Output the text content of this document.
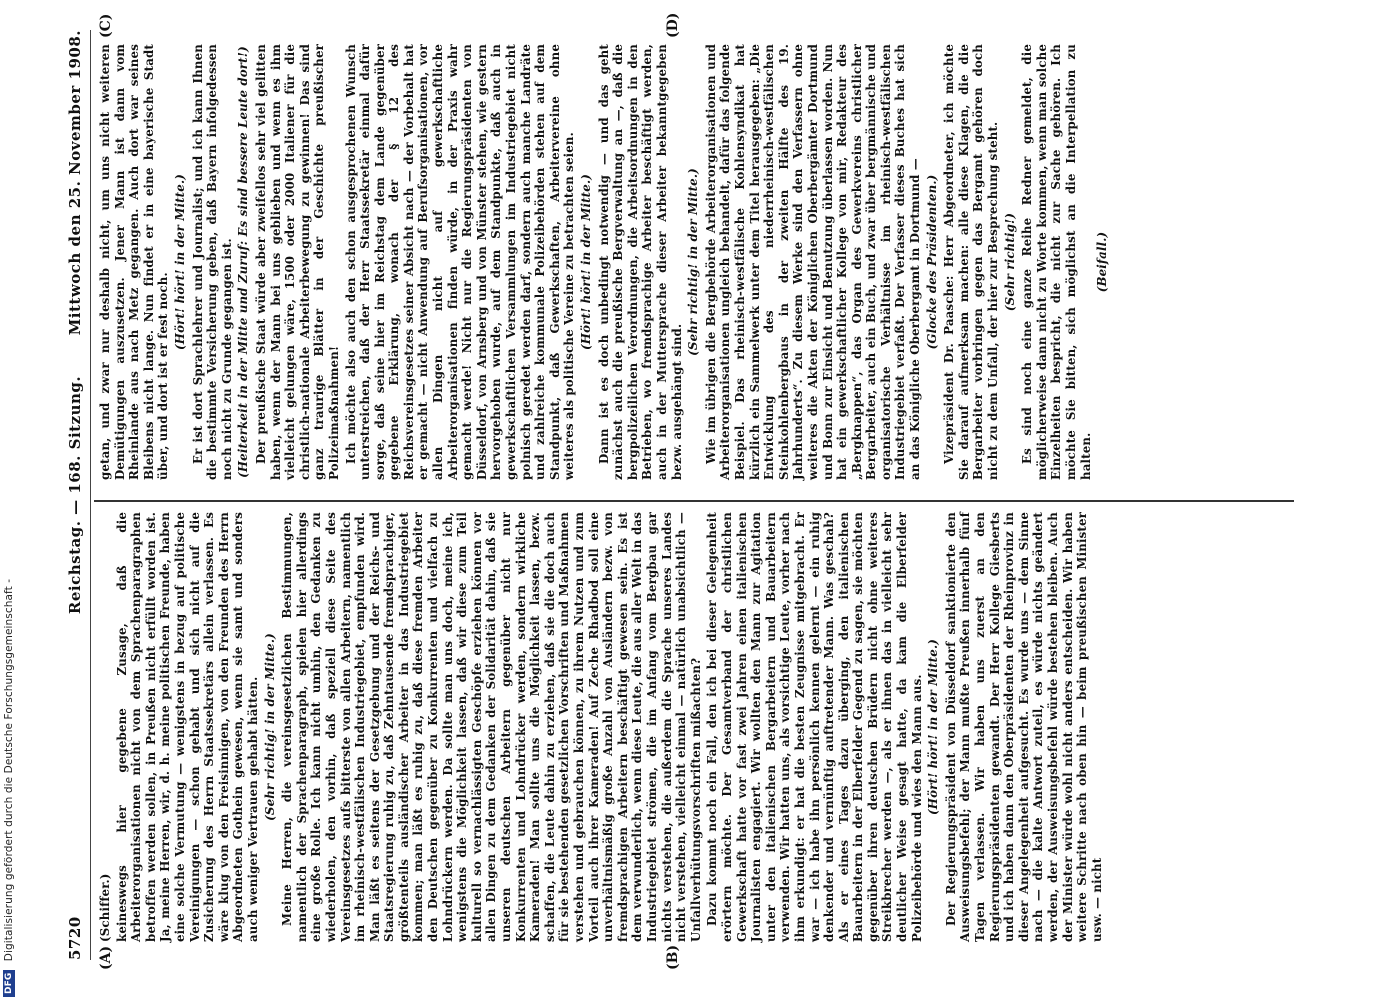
DFG Digitalisierung gefördert durch die Deutsche Forschungsgemeinschaft -	5720
Reichstag. — 168. Sitzung.
Mittwoch den 25. November 1908.
(A)	(B)
(C)	(D)

(Schiffer.) keineswegs hier gegebene Zusage, daß die Arbeiterorganisationen nicht von dem Sprachenparagraphen betroffen werden sollen, in Preußen nicht erfüllt worden ist. Ja, meine Herren, wir, d. h. meine politischen Freunde, haben eine solche Vermutung — wenigstens in bezug auf politische Vereinigungen — schon gehabt und sich nicht auf die Zusicherung des Herrn Staatssekretärs allein verlassen. Es wäre klug von den Freisinnigen, von den Freunden des Herrn Abgeordneten Gothein gewesen, wenn sie samt und sonders auch weniger Vertrauen gehabt hätten. (Sehr richtig! in der Mitte.) Meine Herren, die vereinsgesetzlichen Bestimmungen, namentlich der Sprachenparagraph, spielen hier allerdings eine große Rolle. Ich kann nicht umhin, den Gedanken zu wiederholen, den vorhin, daß speziell diese Seite des Vereinsgesetzes aufs bitterste von allen Arbeitern, namentlich im rheinisch-westfälischen Industriegebiet, empfunden wird. Man läßt es seitens der Gesetzgebung und der Reichs- und Staatsregierung ruhig zu, daß Zehntausende fremdsprachiger, größtenteils ausländischer Arbeiter in das Industriegebiet kommen; man läßt es ruhig zu, daß diese fremden Arbeiter den Deutschen gegenüber zu Konkurrenten und vielfach zu Lohndrückern werden. Da sollte man uns doch, meine ich, wenigstens die Möglichkeit lassen, daß wir diese zum Teil kulturell so vernachlässigten Geschöpfe erziehen können vor allen Dingen zu dem Gedanken der Solidarität dahin, daß sie unseren deutschen Arbeitern gegenüber nicht nur Konkurrenten und Lohndrücker werden, sondern wirkliche Kameraden! Man sollte uns die Möglichkeit lassen, bezw. schaffen, die Leute dahin zu erziehen, daß sie die doch auch für sie bestehenden gesetzlichen Vorschriften und Maßnahmen verstehen und gebrauchen können, zu ihrem Nutzen und zum Vorteil auch ihrer Kameraden! Auf Zeche Rhadbod soll eine unverhältnismäßig große Anzahl von Ausländern bezw. von fremdsprachigen Arbeitern beschäftigt gewesen sein. Es ist dem verwunderlich, wenn diese Leute, die aus aller Welt in das Industriegebiet strömen, die im Anfang vom Bergbau gar nichts verstehen, die außerdem die Sprache unseres Landes nicht verstehen, vielleicht einmal — natürlich unabsichtlich — Unfallverhütungsvorschriften mißachten? Dazu kommt noch ein Fall, den ich bei dieser Gelegenheit erörtern möchte. Der Gesamtverband der christlichen Gewerkschaft hatte vor fast zwei Jahren einen italienischen Journalisten engagiert. Wir wollten den Mann zur Agitation unter den italienischen Bergarbeitern und Bauarbeitern verwenden. Wir hatten uns, als vorsichtige Leute, vorher nach ihm erkundigt: er hat die besten Zeugnisse mitgebracht. Er war — ich habe ihn persönlich kennen gelernt — ein ruhig denkender und vernünftig auftretender Mann. Was geschah? Als er eines Tages dazu überging, den italienischen Bauarbeitern in der Elberfelder Gegend zu sagen, sie möchten gegenüber ihren deutschen Brüdern nicht ohne weiteres Streikbrecher werden —, als er ihnen das in vielleicht sehr deutlicher Weise gesagt hatte, da kam die Elberfelder Polizeibehörde und wies den Mann aus. (Hört! hört! in der Mitte.) Der Regierungspräsident von Düsseldorf sanktionierte den Ausweisungsbefehl; der Mann mußte Preußen innerhalb fünf Tagen verlassen. Wir haben uns zuerst an den Regierungspräsidenten gewandt. Der Herr Kollege Giesberts und ich haben dann den Oberpräsidenten der Rheinprovinz in dieser Angelegenheit aufgesucht. Es wurde uns — dem Sinne nach — die kalte Antwort zuteil, es würde nichts geändert werden, der Ausweisungsbefehl würde bestehen bleiben. Auch der Minister würde wohl nicht anders entscheiden. Wir haben weitere Schritte nach oben hin — beim preußischen Minister usw. — nicht

getan, und zwar nur deshalb nicht, um uns nicht weiteren Demütigungen auszusetzen. Jener Mann ist dann vom Rheinlande aus nach Metz gegangen. Auch dort war seines Bleibens nicht lange. Nun findet er in eine bayerische Stadt über, und dort ist er fest noch.

(Hört! hört! in der Mitte.) Er ist dort Sprachlehrer und Journalist; und ich kann Ihnen die bestimmte Versicherung geben, daß Bayern infolgedessen noch nicht zu Grunde gegangen ist. (Heiterkeit in der Mitte und Zuruf: Es sind bessere Leute dort!) Der preußische Staat würde aber zweifellos sehr viel gelitten haben, wenn der Mann bei uns geblieben und wenn es ihm vielleicht gelungen wäre, 1500 oder 2000 Italiener für die christlich-nationale Arbeiterbewegung zu gewinnen! Das sind ganz traurige Blätter in der Geschichte preußischer Polizeimaßnahmen! Ich möchte also auch den schon ausgesprochenen Wunsch unterstreichen, daß der Herr Staatssekretär einmal dafür sorge, daß seine hier im Reichstag dem Lande gegenüber gegebene Erklärung, wonach der § 12 des Reichsvereinsgesetzes seiner Absicht nach — der Vorbehalt hat er gemacht — nicht Anwendung auf Berufsorganisationen, vor allen Dingen nicht auf gewerkschaftliche Arbeiterorganisationen finden würde, in der Praxis wahr gemacht werde! Nicht nur die Regierungspräsidenten von Düsseldorf, von Arnsberg und von Münster stehen, wie gestern hervorgehoben wurde, auf dem Standpunkte, daß auch in gewerkschaftlichen Versammlungen im Industriegebiet nicht polnisch geredet werden darf, sondern auch manche Landräte und zahlreiche kommunale Polizeibehörden stehen auf dem Standpunkt, daß Gewerkschaften, Arbeitervereine ohne weiteres als politische Vereine zu betrachten seien. (Hört! hört! in der Mitte.) Dann ist es doch unbedingt notwendig — und das geht zunächst auch die preußische Bergverwaltung an —, daß die bergpolizeilichen Verordnungen, die Arbeitsordnungen in den Betrieben, wo fremdsprachige Arbeiter beschäftigt werden, auch in der Muttersprache dieser Arbeiter bekanntgegeben bezw. ausgehängt sind.

(Sehr richtig! in der Mitte.) Wie im übrigen die Bergbehörde Arbeiterorganisationen und Arbeiterorganisationen ungleich behandelt, dafür das folgende Beispiel. Das rheinisch-westfälische Kohlensyndikat hat kürzlich ein Sammelwerk unter dem Titel herausgegeben: „Die Entwicklung des niederrheinisch-westfälischen Steinkohlenbergbaus in der zweiten Hälfte des 19. Jahrhunderts“. Zu diesem Werke sind den Verfassern ohne weiteres die Akten der Königlichen Oberbergämter Dortmund und Bonn zur Einsicht und Benutzung überlassen worden. Nun hat ein gewerkschaftlicher Kollege von mir, Redakteur des „Bergknappen“, das Organ des Gewerkvereins christlicher Bergarbeiter, auch ein Buch, und zwar über bergmännische und organisatorische Verhältnisse im rheinisch-westfälischen Industriegebiet verfaßt. Der Verfasser dieses Buches hat sich an das Königliche Oberbergamt in Dortmund — (Glocke des Präsidenten.) Vizepräsident Dr. Paasche: Herr Abgeordneter, ich möchte Sie darauf aufmerksam machen: alle diese Klagen, die die Bergarbeiter vorbringen gegen das Bergamt gehören doch nicht zu dem Unfall, der hier zur Besprechung steht. (Sehr richtig!) Es sind noch eine ganze Reihe Redner gemeldet, die möglicherweise dann nicht zu Worte kommen, wenn man solche Einzelheiten bespricht, die nicht zur Sache gehören. Ich möchte Sie bitten, sich möglichst an die Interpellation zu halten.

(Beifall.)
